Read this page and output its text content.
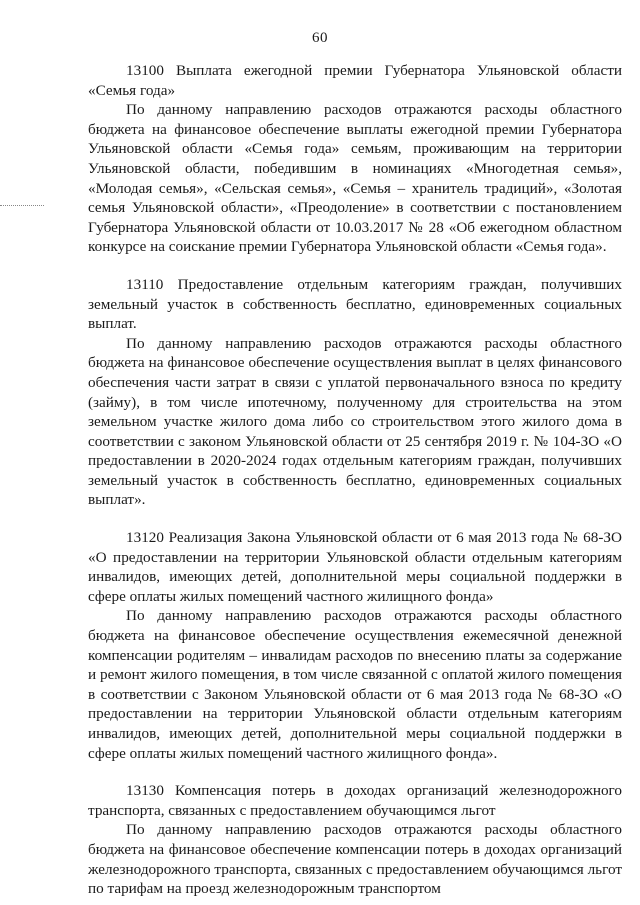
60

13100 Выплата ежегодной премии Губернатора Ульяновской области «Семья года»

По данному направлению расходов отражаются расходы областного бюджета на финансовое обеспечение выплаты ежегодной премии Губернатора Ульяновской области «Семья года» семьям, проживающим на территории Ульяновской области, победившим в номинациях «Многодетная семья», «Молодая семья», «Сельская семья», «Семья – хранитель традиций», «Золотая семья Ульяновской области», «Преодоление» в соответствии с постановлением Губернатора Ульяновской области от 10.03.2017 № 28 «Об ежегодном областном конкурсе на соискание премии Губернатора Ульяновской области «Семья года».

13110 Предоставление отдельным категориям граждан, получивших земельный участок в собственность бесплатно, единовременных социальных выплат.

По данному направлению расходов отражаются расходы областного бюджета на финансовое обеспечение осуществления выплат в целях финансового обеспечения части затрат в связи с уплатой первоначального взноса по кредиту (займу), в том числе ипотечному, полученному для строительства на этом земельном участке жилого дома либо со строительством этого жилого дома в соответствии с законом Ульяновской области от 25 сентября 2019 г. № 104-ЗО «О предоставлении в 2020-2024 годах отдельным категориям граждан, получивших земельный участок в собственность бесплатно, единовременных социальных выплат».

13120 Реализация Закона Ульяновской области от 6 мая 2013 года № 68-ЗО «О предоставлении на территории Ульяновской области отдельным категориям инвалидов, имеющих детей, дополнительной меры социальной поддержки в сфере оплаты жилых помещений частного жилищного фонда»

По данному направлению расходов отражаются расходы областного бюджета на финансовое обеспечение осуществления ежемесячной денежной компенсации родителям – инвалидам расходов по внесению платы за содержание и ремонт жилого помещения, в том числе связанной с оплатой жилого помещения в соответствии с Законом Ульяновской области от 6 мая 2013 года № 68-ЗО «О предоставлении на территории Ульяновской области отдельным категориям инвалидов, имеющих детей, дополнительной меры социальной поддержки в сфере оплаты жилых помещений частного жилищного фонда».

13130 Компенсация потерь в доходах организаций железнодорожного транспорта, связанных с предоставлением обучающимся льгот

По данному направлению расходов отражаются расходы областного бюджета на финансовое обеспечение компенсации потерь в доходах организаций железнодорожного транспорта, связанных с предоставлением обучающимся льгот по тарифам на проезд железнодорожным транспортом
